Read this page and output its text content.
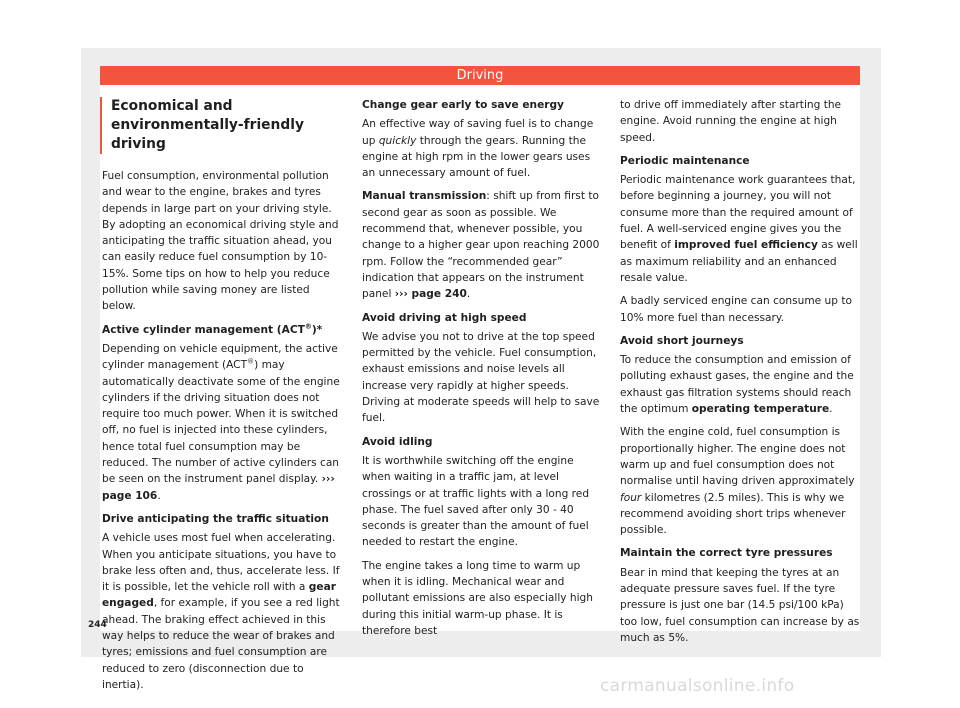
Driving
Economical and environmentally-friendly driving

Fuel consumption, environmental pollution and wear to the engine, brakes and tyres depends in large part on your driving style. By adopting an economical driving style and anticipating the traffic situation ahead, you can easily reduce fuel consumption by 10-15%. Some tips on how to help you reduce pollution while saving money are listed below.

Active cylinder management (ACT®)*

Depending on vehicle equipment, the active cylinder management (ACT®) may automatically deactivate some of the engine cylinders if the driving situation does not require too much power. When it is switched off, no fuel is injected into these cylinders, hence total fuel consumption may be reduced. The number of active cylinders can be seen on the instrument panel display. ››› page 106.

Drive anticipating the traffic situation

A vehicle uses most fuel when accelerating. When you anticipate situations, you have to brake less often and, thus, accelerate less. If it is possible, let the vehicle roll with a gear engaged, for example, if you see a red light ahead. The braking effect achieved in this way helps to reduce the wear of brakes and tyres; emissions and fuel consumption are reduced to zero (disconnection due to inertia).

Change gear early to save energy

An effective way of saving fuel is to change up quickly through the gears. Running the engine at high rpm in the lower gears uses an unnecessary amount of fuel.

Manual transmission: shift up from first to second gear as soon as possible. We recommend that, whenever possible, you change to a higher gear upon reaching 2000 rpm. Follow the “recommended gear” indication that appears on the instrument panel ››› page 240.

Avoid driving at high speed

We advise you not to drive at the top speed permitted by the vehicle. Fuel consumption, exhaust emissions and noise levels all increase very rapidly at higher speeds. Driving at moderate speeds will help to save fuel.

Avoid idling

It is worthwhile switching off the engine when waiting in a traffic jam, at level crossings or at traffic lights with a long red phase. The fuel saved after only 30 - 40 seconds is greater than the amount of fuel needed to restart the engine.

The engine takes a long time to warm up when it is idling. Mechanical wear and pollutant emissions are also especially high during this initial warm-up phase. It is therefore best

to drive off immediately after starting the engine. Avoid running the engine at high speed.

Periodic maintenance

Periodic maintenance work guarantees that, before beginning a journey, you will not consume more than the required amount of fuel. A well-serviced engine gives you the benefit of improved fuel efficiency as well as maximum reliability and an enhanced resale value.

A badly serviced engine can consume up to 10% more fuel than necessary.

Avoid short journeys

To reduce the consumption and emission of polluting exhaust gases, the engine and the exhaust gas filtration systems should reach the optimum operating temperature.

With the engine cold, fuel consumption is proportionally higher. The engine does not warm up and fuel consumption does not normalise until having driven approximately four kilometres (2.5 miles). This is why we recommend avoiding short trips whenever possible.

Maintain the correct tyre pressures

Bear in mind that keeping the tyres at an adequate pressure saves fuel. If the tyre pressure is just one bar (14.5 psi/100 kPa) too low, fuel consumption can increase by as much as 5%.

244
carmanualsonline.info
